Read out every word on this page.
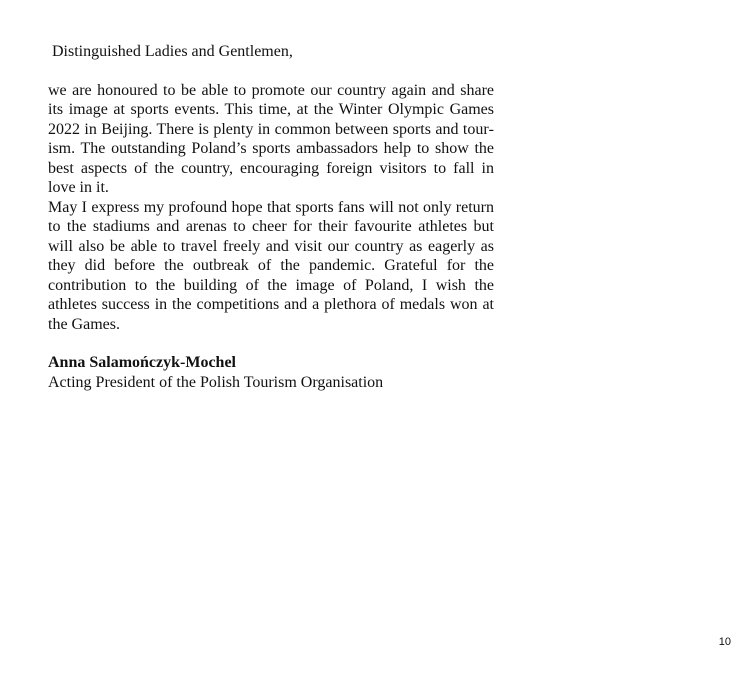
Distinguished Ladies and Gentlemen,

we are honoured to be able to promote our country again and share its image at sports events. This time, at the Winter Olympic Games 2022 in Beijing. There is plenty in common between sports and tourism. The outstanding Poland’s sports ambassadors help to show the best aspects of the country, encouraging foreign visitors to fall in love in it.

May I express my profound hope that sports fans will not only return to the stadiums and arenas to cheer for their favourite athletes but will also be able to travel freely and visit our country as eagerly as they did before the outbreak of the pandemic. Grateful for the contribution to the building of the image of Poland, I wish the athletes success in the competitions and a plethora of medals won at the Games.

Anna Salamończyk-Mochel
Acting President of the Polish Tourism Organisation
10
